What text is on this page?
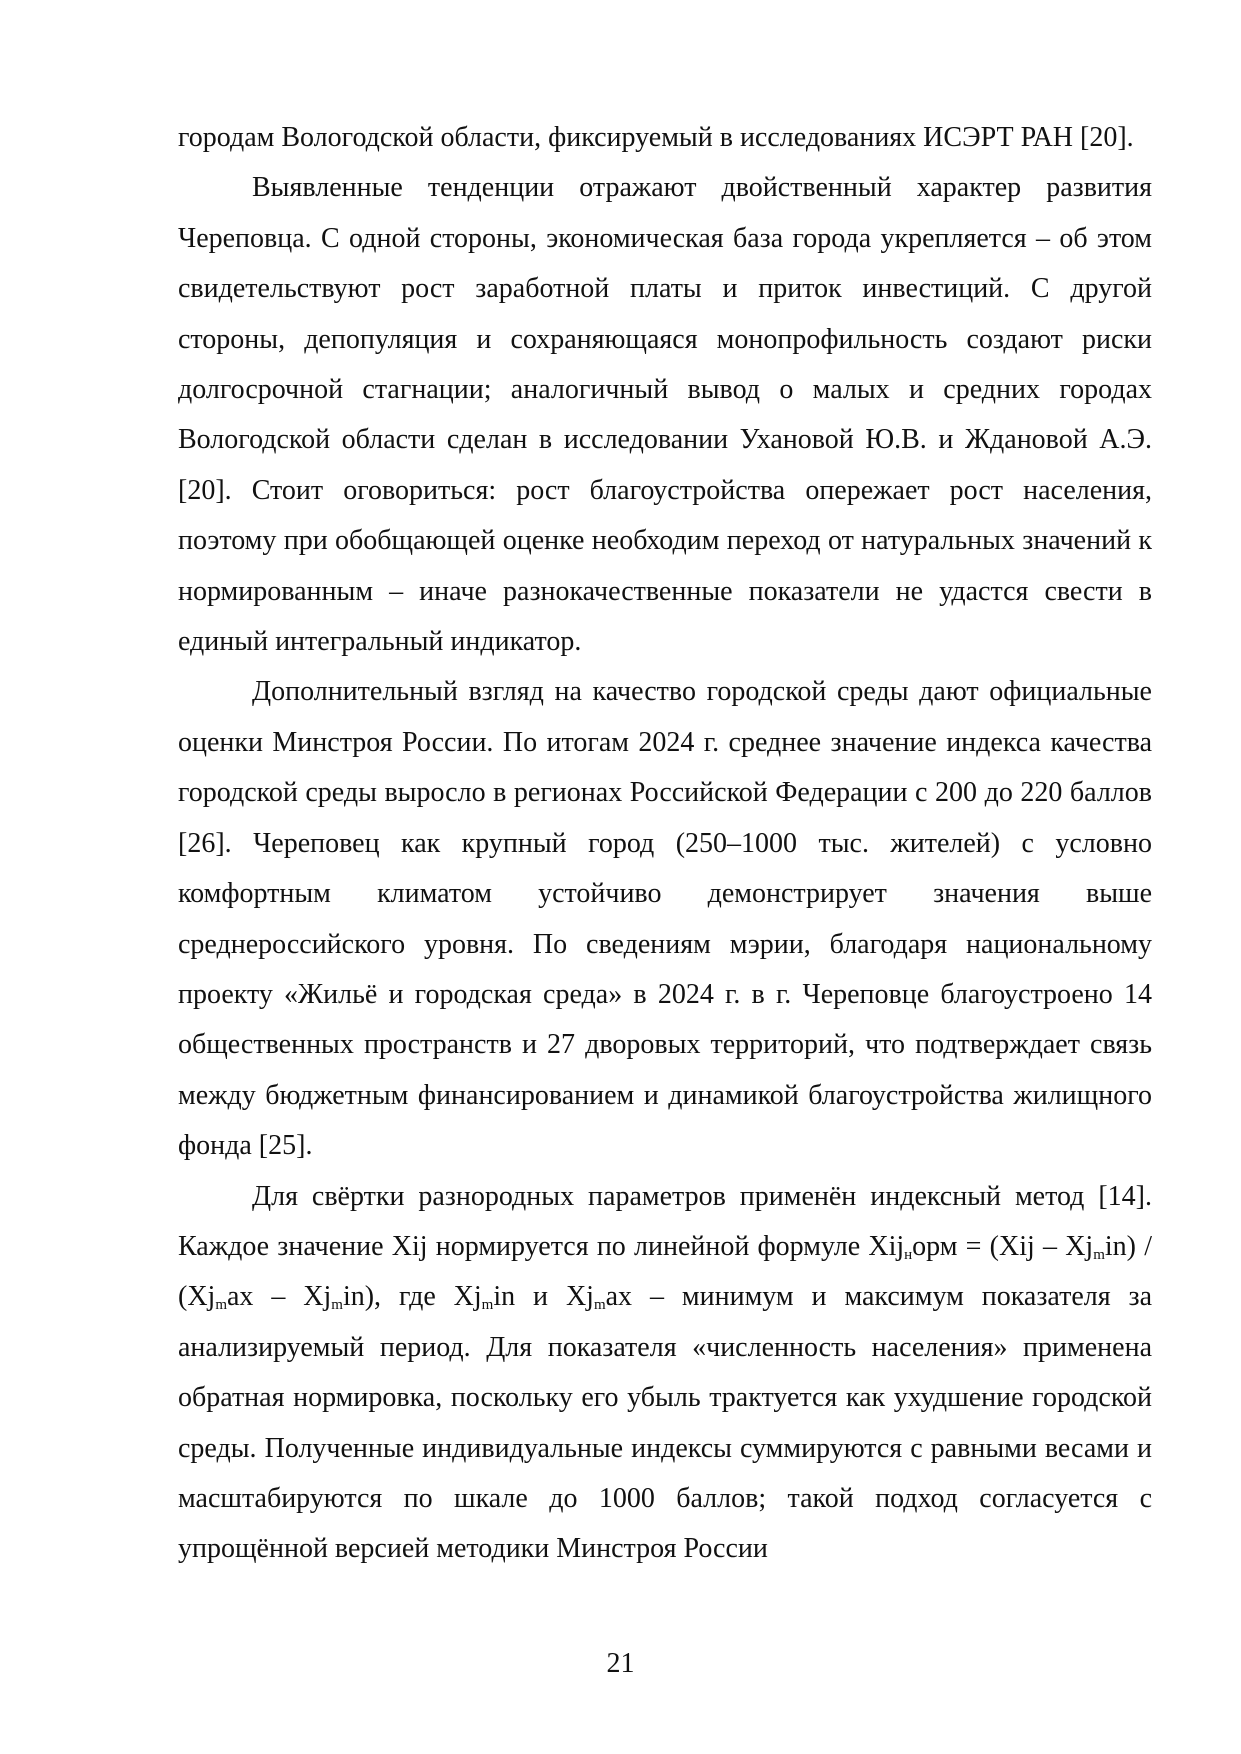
городам Вологодской области, фиксируемый в исследованиях ИСЭРТ РАН [20].

Выявленные тенденции отражают двойственный характер развития Череповца. С одной стороны, экономическая база города укрепляется – об этом свидетельствуют рост заработной платы и приток инвестиций. С другой стороны, депопуляция и сохраняющаяся монопрофильность создают риски долгосрочной стагнации; аналогичный вывод о малых и средних городах Вологодской области сделан в исследовании Ухановой Ю.В. и Ждановой А.Э. [20]. Стоит оговориться: рост благоустройства опережает рост населения, поэтому при обобщающей оценке необходим переход от натуральных значений к нормированным – иначе разнокачественные показатели не удастся свести в единый интегральный индикатор.

Дополнительный взгляд на качество городской среды дают официальные оценки Минстроя России. По итогам 2024 г. среднее значение индекса качества городской среды выросло в регионах Российской Федерации с 200 до 220 баллов [26]. Череповец как крупный город (250–1000 тыс. жителей) с условно комфортным климатом устойчиво демонстрирует значения выше среднероссийского уровня. По сведениям мэрии, благодаря национальному проекту «Жильё и городская среда» в 2024 г. в г. Череповце благоустроено 14 общественных пространств и 27 дворовых территорий, что подтверждает связь между бюджетным финансированием и динамикой благоустройства жилищного фонда [25].

Для свёртки разнородных параметров применён индексный метод [14]. Каждое значение Xij нормируется по линейной формуле $Xij_норм = (Xij - Xj_min) / (Xj_max - Xj_min)$, где $Xj_min$ и $Xj_max$ – минимум и максимум показателя за анализируемый период. Для показателя «численность населения» применена обратная нормировка, поскольку его убыль трактуется как ухудшение городской среды. Полученные индивидуальные индексы суммируются с равными весами и масштабируются по шкале до 1000 баллов; такой подход согласуется с упрощённой версией методики Минстроя России

21
